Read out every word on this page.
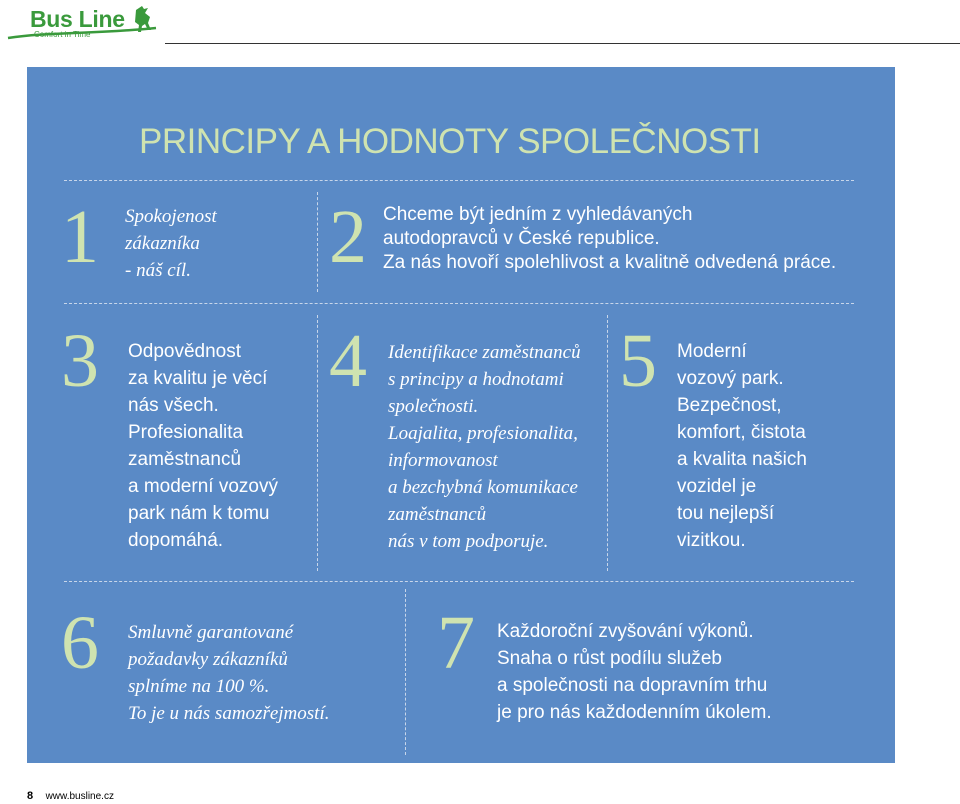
Bus Line
Comfort in Time
PRINCIPY A HODNOTY SPOLEČNOSTI

1 Spokojenost
zákazníka
- náš cíl.	2 Chceme být jedním z vyhledávaných
autodopravců v České republice.
Za nás hovoří spolehlivost a kvalitně odvedená práce.

3 Odpovědnost
za kvalitu je věcí
nás všech.
Profesionalita
zaměstnanců
a moderní vozový
park nám k tomu
dopomáhá.

4 Identifikace zaměstnanců
s principy a hodnotami
společnosti.
Loajalita, profesionalita,
informovanost
a bezchybná komunikace
zaměstnanců
nás v tom podporuje.

5 Moderní
vozový park.
Bezpečnost,
komfort, čistota
a kvalita našich
vozidel je
tou nejlepší
vizitkou.

6 Smluvně garantované
požadavky zákazníků
splníme na 100 %.
To je u nás samozřejmostí.

7 Každoroční zvyšování výkonů.
Snaha o růst podílu služeb
a společnosti na dopravním trhu
je pro nás každodenním úkolem.

8 www.busline.cz
